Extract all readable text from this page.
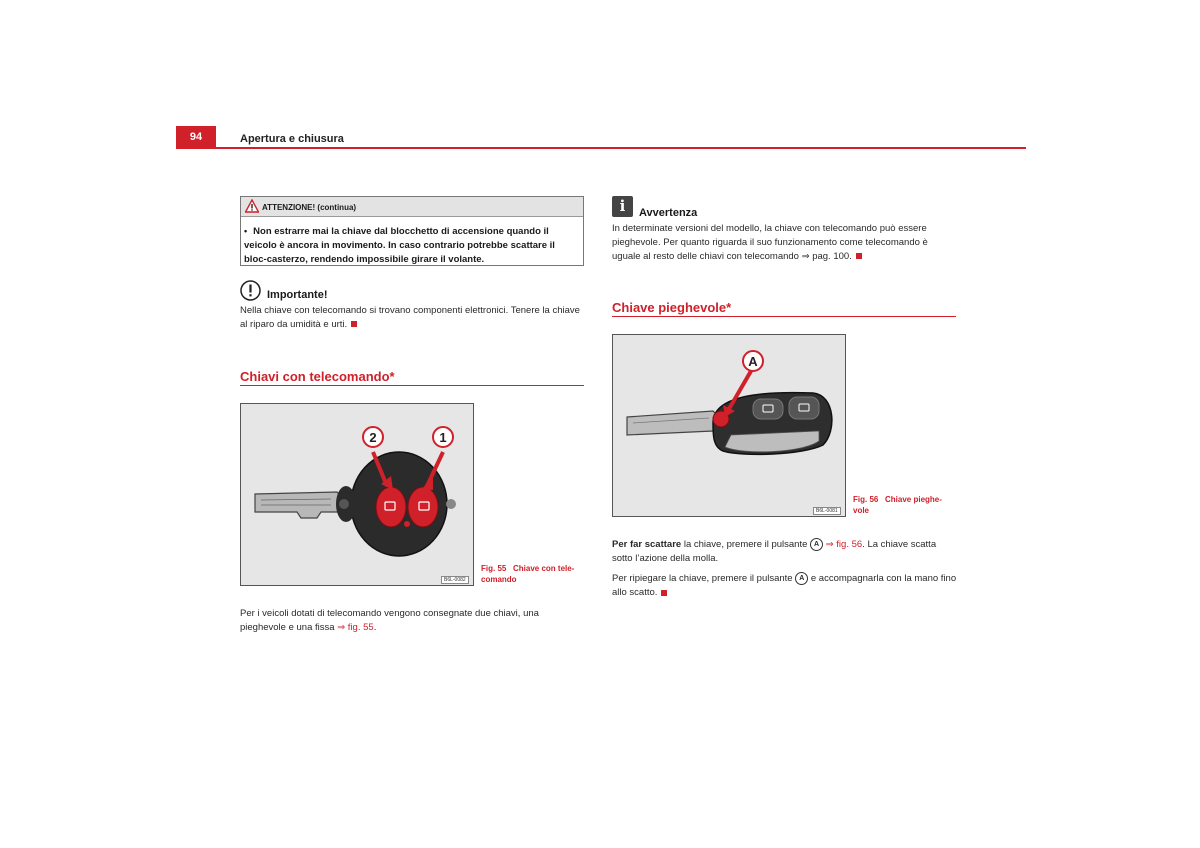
94	Apertura e chiusura
ATTENZIONE! (continua)
• Non estrarre mai la chiave dal blocchetto di accensione quando il veicolo è ancora in movimento. In caso contrario potrebbe scattare il bloc-casterzo, rendendo impossibile girare il volante.
Importante!
Nella chiave con telecomando si trovano componenti elettronici. Tenere la chiave al riparo da umidità e urti.
Chiavi con telecomando*
2	1
B6L-0082
Fig. 55 Chiave con tele-comando
Per i veicoli dotati di telecomando vengono consegnate due chiavi, una pieghevole e una fissa ⇒ fig. 55.
i	Avvertenza
In determinate versioni del modello, la chiave con telecomando può essere pieghevole. Per quanto riguarda il suo funzionamento come telecomando è uguale al resto delle chiavi con telecomando ⇒ pag. 100.
Chiave pieghevole*
A
B6L-0081
Fig. 56 Chiave pieghe-vole
Per far scattare la chiave, premere il pulsante A ⇒ fig. 56. La chiave scatta sotto l’azione della molla.
Per ripiegare la chiave, premere il pulsante A e accompagnarla con la mano fino allo scatto.
